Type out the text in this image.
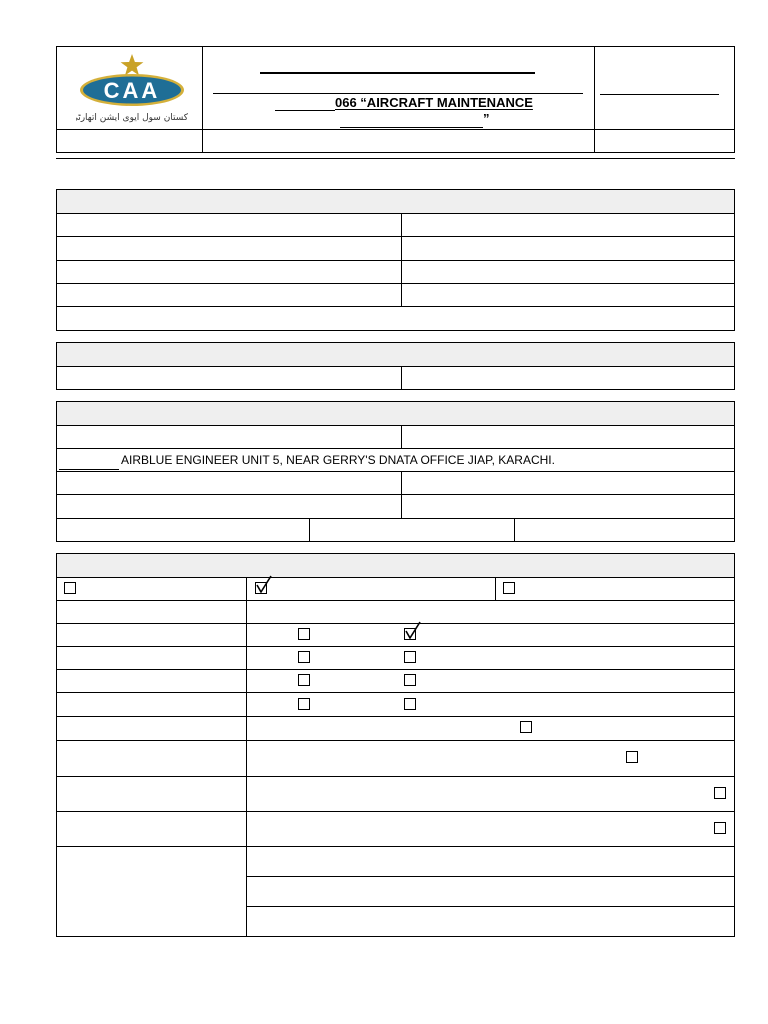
CAA
پاکستان سول ایوی ایشن اتھارٹی
066 “AIRCRAFT MAINTENANCE
”
AIRBLUE ENGINEER UNIT 5, NEAR GERRY'S DNATA OFFICE JIAP, KARACHI.
